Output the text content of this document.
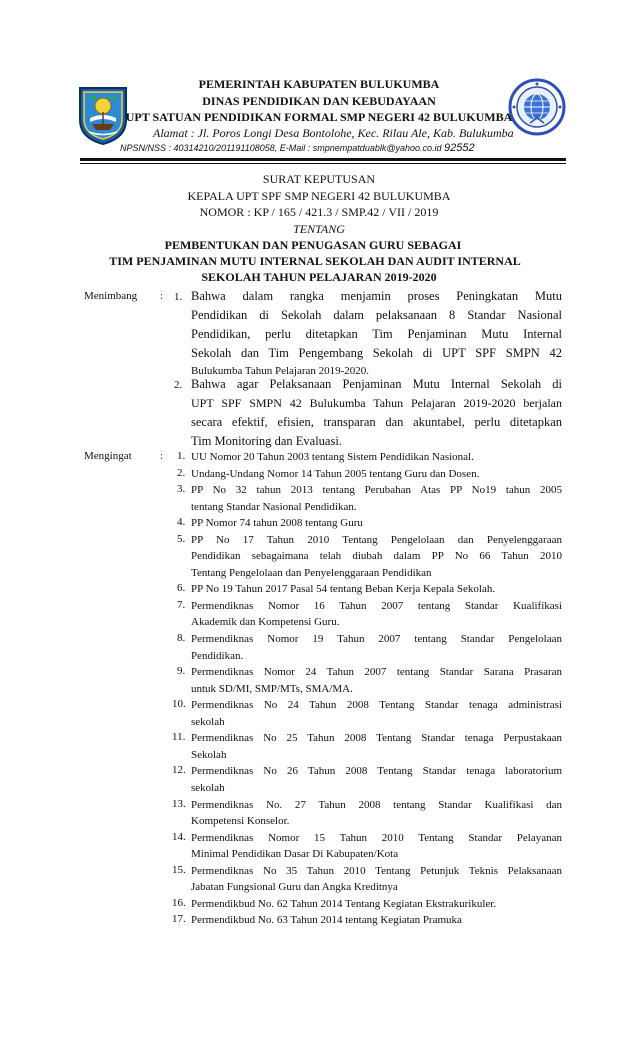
PEMERINTAH KABUPATEN BULUKUMBA
DINAS PENDIDIKAN DAN KEBUDAYAAN
UPT SATUAN PENDIDIKAN FORMAL SMP NEGERI 42 BULUKUMBA
Alamat : Jl. Poros Longi Desa Bontolohe, Kec. Rilau Ale, Kab. Bulukumba
NPSN/NSS : 40314210/201191108058, E-Mail : smpnempatduablk@yahoo.co.id 92552
SURAT KEPUTUSAN
KEPALA UPT SPF SMP NEGERI 42 BULUKUMBA
NOMOR : KP / 165 / 421.3 / SMP.42 / VII / 2019
TENTANG
PEMBENTUKAN DAN PENUGASAN GURU SEBAGAI
TIM PENJAMINAN MUTU INTERNAL SEKOLAH DAN AUDIT INTERNAL
SEKOLAH TAHUN PELAJARAN 2019-2020
Menimbang : 1. Bahwa dalam rangka menjamin proses Peningkatan Mutu
Pendidikan di Sekolah dalam pelaksanaan 8 Standar Nasional
Pendidikan, perlu ditetapkan Tim Penjaminan Mutu Internal
Sekolah dan Tim Pengembang Sekolah di UPT SPF SMPN 42
Bulukumba Tahun Pelajaran 2019-2020.
2. Bahwa agar Pelaksanaan Penjaminan Mutu Internal Sekolah di
UPT SPF SMPN 42 Bulukumba Tahun Pelajaran 2019-2020 berjalan
secara efektif, efisien, transparan dan akuntabel, perlu ditetapkan
Tim Monitoring dan Evaluasi.
Mengingat	: 1. UU Nomor 20 Tahun 2003 tentang Sistem Pendidikan Nasional.
2. Undang-Undang Nomor 14 Tahun 2005 tentang Guru dan Dosen.
3. PP No 32 tahun 2013 tentang Perubahan Atas PP No19 tahun 2005
tentang Standar Nasional Pendidikan.
4. PP Nomor 74 tahun 2008 tentang Guru
5. PP No 17 Tahun 2010 Tentang Pengelolaan dan Penyelenggaraan
Pendidikan sebagaimana telah diubah dalam PP No 66 Tahun 2010
Tentang Pengelolaan dan Penyelenggaraan Pendidikan
6. PP No 19 Tahun 2017 Pasal 54 tentang Beban Kerja Kepala Sekolah.
7. Permendiknas Nomor 16 Tahun 2007 tentang Standar Kualifikasi
Akademik dan Kompetensi Guru.
8. Permendiknas Nomor 19 Tahun 2007 tentang Standar Pengelolaan
Pendidikan.
9. Permendiknas Nomor 24 Tahun 2007 tentang Standar Sarana Prasaran
untuk SD/MI, SMP/MTs, SMA/MA.
10. Permendiknas No 24 Tahun 2008 Tentang Standar tenaga administrasi
sekolah
11. Permendiknas No 25 Tahun 2008 Tentang Standar tenaga Perpustakaan
Sekolah
12. Permendiknas No 26 Tahun 2008 Tentang Standar tenaga laboratorium
sekolah
13. Permendiknas No. 27 Tahun 2008 tentang Standar Kualifikasi dan
Kompetensi Konselor.
14. Permendiknas Nomor 15 Tahun 2010 Tentang Standar Pelayanan
Minimal Pendidikan Dasar Di Kabupaten/Kota
15. Permendiknas No 35 Tahun 2010 Tentang Petunjuk Teknis Pelaksanaan
Jabatan Fungsional Guru dan Angka Kreditnya
16. Permendikbud No. 62 Tahun 2014 Tentang Kegiatan Ekstrakurikuler.
17. Permendikbud No. 63 Tahun 2014 tentang Kegiatan Pramuka
